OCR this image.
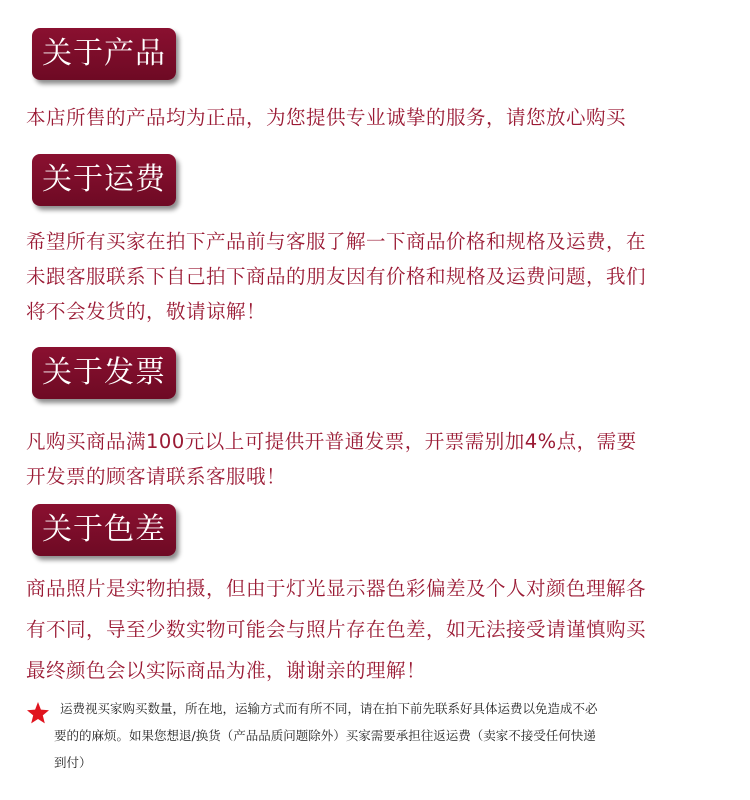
关于产品
本店所售的产品均为正品，为您提供专业诚挚的服务，请您放心购买
关于运费
希望所有买家在拍下产品前与客服了解一下商品价格和规格及运费，在
未跟客服联系下自己拍下商品的朋友因有价格和规格及运费问题，我们
将不会发货的，敬请谅解！
关于发票
凡购买商品满100元以上可提供开普通发票，开票需别加4%点，需要
开发票的顾客请联系客服哦！
关于色差
商品照片是实物拍摄，但由于灯光显示器色彩偏差及个人对颜色理解各
有不同，导至少数实物可能会与照片存在色差，如无法接受请谨慎购买
最终颜色会以实际商品为准，谢谢亲的理解！
运费视买家购买数量，所在地，运输方式而有所不同，请在拍下前先联系好具体运费以免造成不必
要的的麻烦。如果您想退/换货（产品品质问题除外）买家需要承担往返运费（卖家不接受任何快递
到付）
